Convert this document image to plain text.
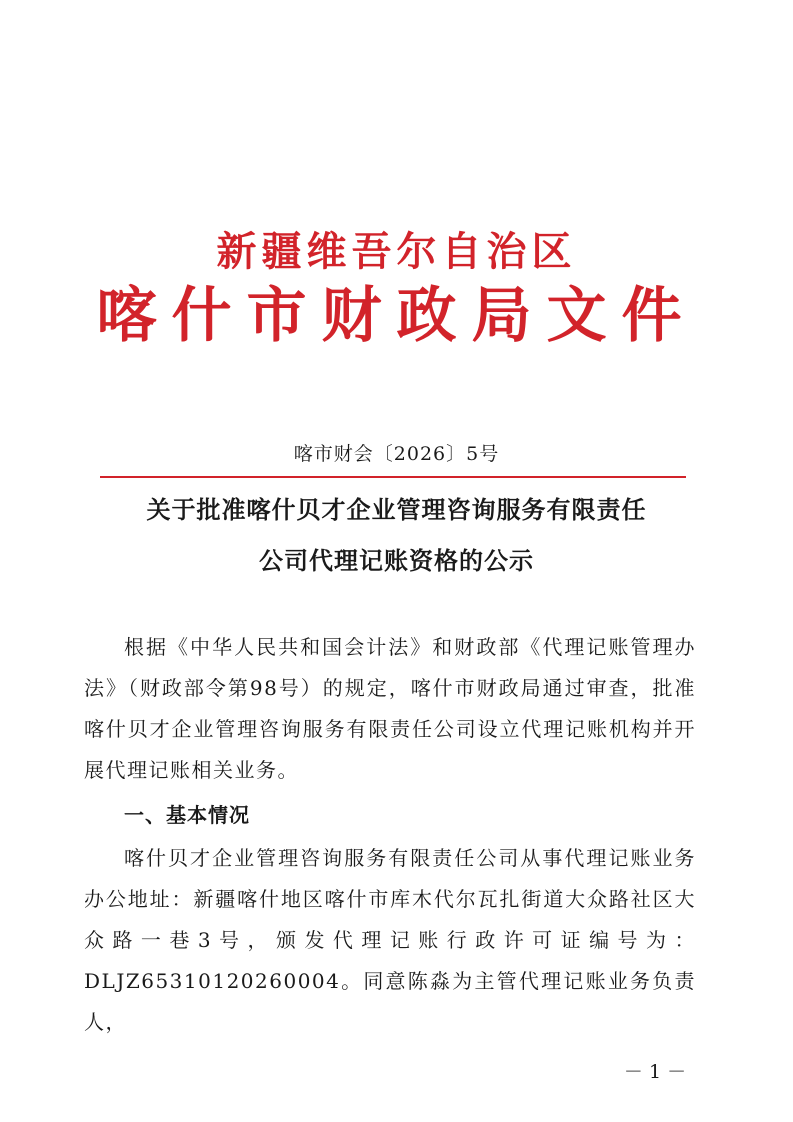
新疆维吾尔自治区
喀什市财政局文件
喀市财会〔2026〕5号
关于批准喀什贝才企业管理咨询服务有限责任
公司代理记账资格的公示

根据《中华人民共和国会计法》和财政部《代理记账管理办法》（财政部令第98号）的规定，喀什市财政局通过审查，批准喀什贝才企业管理咨询服务有限责任公司设立代理记账机构并开展代理记账相关业务。

一、基本情况

喀什贝才企业管理咨询服务有限责任公司从事代理记账业务办公地址：新疆喀什地区喀什市库木代尔瓦扎街道大众路社区大众路一巷3号，颁发代理记账行政许可证编号为：DLJZ65310120260004。同意陈淼为主管代理记账业务负责人，

－ 1 －
